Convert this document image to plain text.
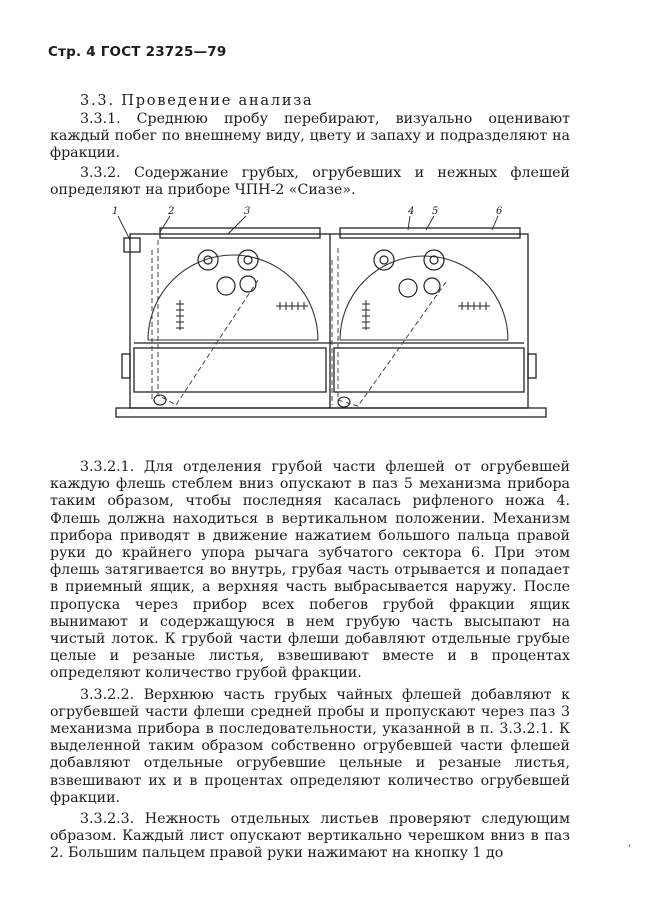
Стр. 4 ГОСТ 23725—79
3.3. Проведение анализа

3.3.1. Среднюю пробу перебирают, визуально оценивают каждый побег по внешнему виду, цвету и запаху и подразделяют на фракции.

3.3.2. Содержание грубых, огрубевших и нежных флешей определяют на приборе ЧПН-2 «Сиазе».

1	2	3	4 5	6

3.3.2.1. Для отделения грубой части флешей от огрубевшей каждую флешь стеблем вниз опускают в паз 5 механизма прибора таким образом, чтобы последняя касалась рифленого ножа 4. Флешь должна находиться в вертикальном положении. Механизм прибора приводят в движение нажатием большого пальца правой руки до крайнего упора рычага зубчатого сектора 6. При этом флешь затягивается во внутрь, грубая часть отрывается и попадает в приемный ящик, а верхняя часть выбрасывается наружу. После пропуска через прибор всех побегов грубой фракции ящик вынимают и содержащуюся в нем грубую часть высыпают на чистый лоток. К грубой части флеши добавляют отдельные грубые целые и резаные листья, взвешивают вместе и в процентах определяют количество грубой фракции.

3.3.2.2. Верхнюю часть грубых чайных флешей добавляют к огрубевшей части флеши средней пробы и пропускают через паз 3 механизма прибора в последовательности, указанной в п. 3.3.2.1. К выделенной таким образом собственно огрубевшей части флешей добавляют отдельные огрубевшие цельные и резаные листья, взвешивают их и в процентах определяют количество огрубевшей фракции.

3.3.2.3. Нежность отдельных листьев проверяют следующим образом. Каждый лист опускают вертикально черешком вниз в паз 2. Большим пальцем правой руки нажимают на кнопку 1 до

,
